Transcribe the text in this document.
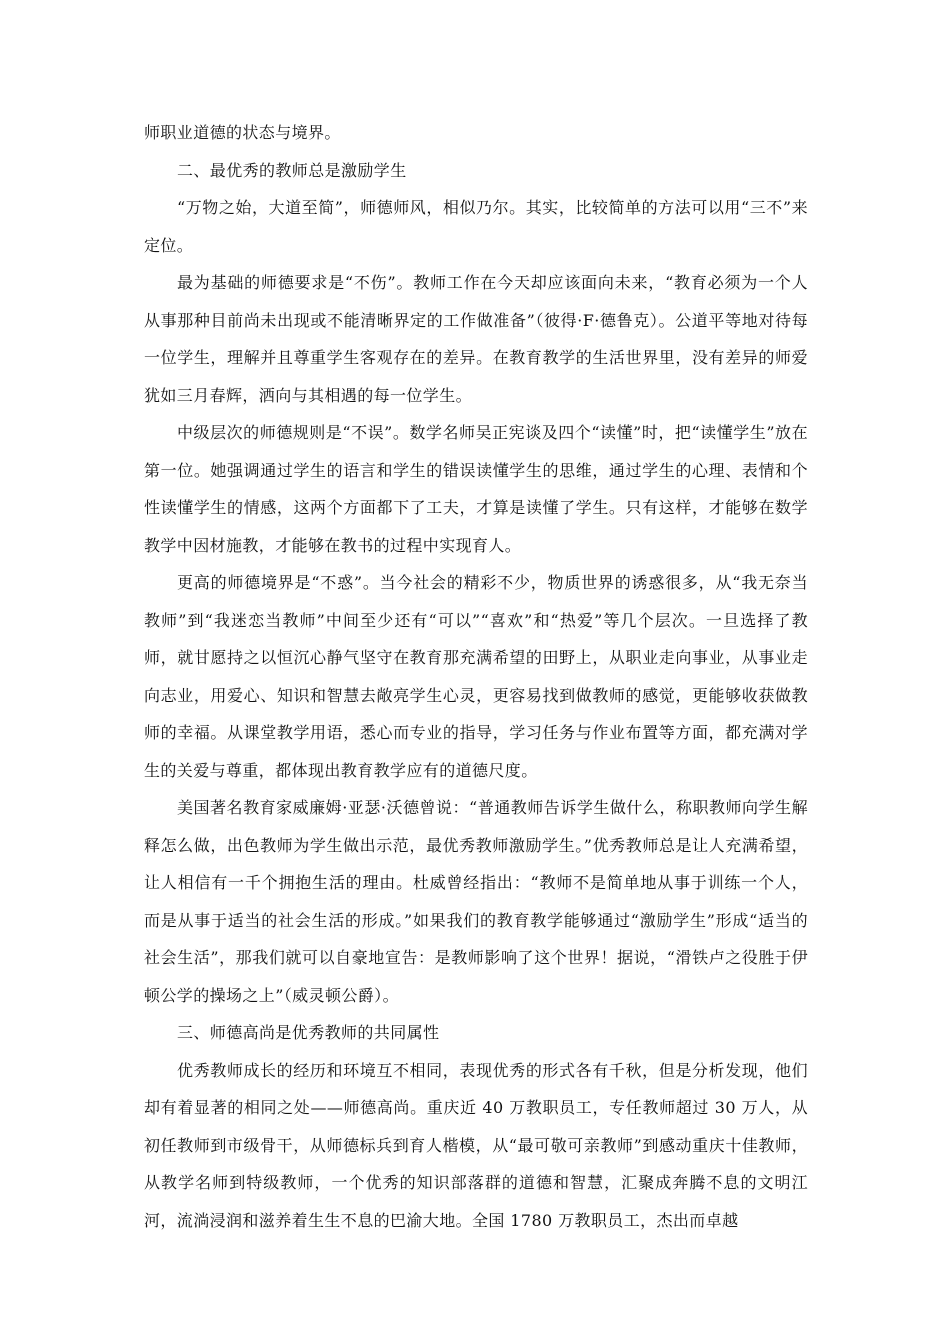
师职业道德的状态与境界。

二、最优秀的教师总是激励学生

“万物之始，大道至简”，师德师风，相似乃尔。其实，比较简单的方法可以用“三不”来定位。

最为基础的师德要求是“不伤”。教师工作在今天却应该面向未来，“教育必须为一个人从事那种目前尚未出现或不能清晰界定的工作做准备”（彼得·F·德鲁克）。公道平等地对待每一位学生，理解并且尊重学生客观存在的差异。在教育教学的生活世界里，没有差异的师爱犹如三月春辉，洒向与其相遇的每一位学生。

中级层次的师德规则是“不误”。数学名师吴正宪谈及四个“读懂”时，把“读懂学生”放在第一位。她强调通过学生的语言和学生的错误读懂学生的思维，通过学生的心理、表情和个性读懂学生的情感，这两个方面都下了工夫，才算是读懂了学生。只有这样，才能够在数学教学中因材施教，才能够在教书的过程中实现育人。

更高的师德境界是“不惑”。当今社会的精彩不少，物质世界的诱惑很多，从“我无奈当教师”到“我迷恋当教师”中间至少还有“可以”“喜欢”和“热爱”等几个层次。一旦选择了教师，就甘愿持之以恒沉心静气坚守在教育那充满希望的田野上，从职业走向事业，从事业走向志业，用爱心、知识和智慧去敞亮学生心灵，更容易找到做教师的感觉，更能够收获做教师的幸福。从课堂教学用语，悉心而专业的指导，学习任务与作业布置等方面，都充满对学生的关爱与尊重，都体现出教育教学应有的道德尺度。

美国著名教育家威廉姆·亚瑟·沃德曾说：“普通教师告诉学生做什么，称职教师向学生解释怎么做，出色教师为学生做出示范，最优秀教师激励学生。”优秀教师总是让人充满希望，让人相信有一千个拥抱生活的理由。杜威曾经指出：“教师不是简单地从事于训练一个人，而是从事于适当的社会生活的形成。”如果我们的教育教学能够通过“激励学生”形成“适当的社会生活”，那我们就可以自豪地宣告：是教师影响了这个世界！据说，“滑铁卢之役胜于伊顿公学的操场之上”（威灵顿公爵）。

三、师德高尚是优秀教师的共同属性

优秀教师成长的经历和环境互不相同，表现优秀的形式各有千秋，但是分析发现，他们却有着显著的相同之处——师德高尚。重庆近 40 万教职员工，专任教师超过 30 万人，从初任教师到市级骨干，从师德标兵到育人楷模，从“最可敬可亲教师”到感动重庆十佳教师，从教学名师到特级教师，一个优秀的知识部落群的道德和智慧，汇聚成奔腾不息的文明江河，流淌浸润和滋养着生生不息的巴渝大地。全国 1780 万教职员工，杰出而卓越
